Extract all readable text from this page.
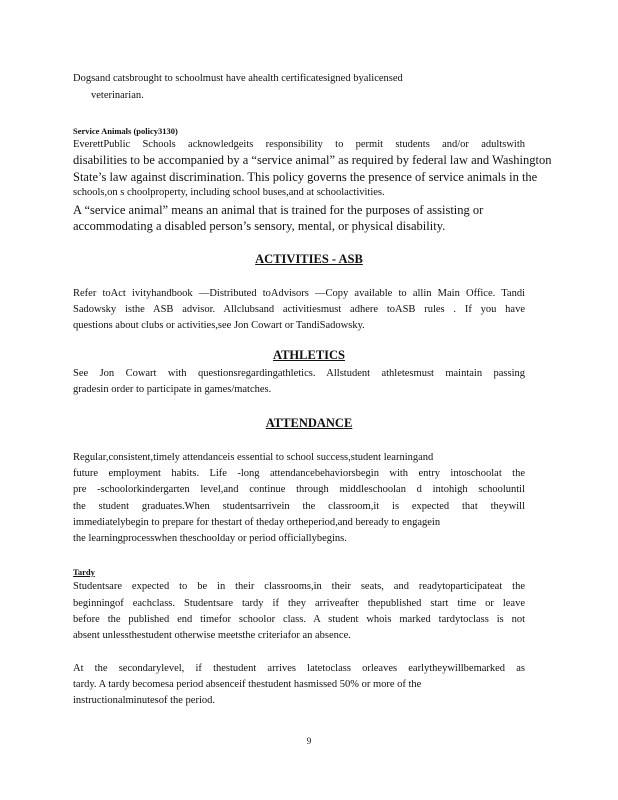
Dogsand catsbrought to schoolmust have ahealth certificatesigned byalicensed
veterinarian.
Service Animals (policy3130)
EverettPublic Schools acknowledgeits responsibility to permit students and/or adultswith
disabilities to be accompanied by a “service animal” as required by federal law and Washington
State’s law against discrimination. This policy governs the presence of service animals in the
schools,on s choolproperty, including school buses,and at schoolactivities.
A “service animal” means an animal that is trained for the purposes of assisting or
accommodating a disabled person’s sensory, mental, or physical disability.
ACTIVITIES - ASB
Refer toAct ivityhandbook —Distributed toAdvisors —Copy available to allin Main Office. Tandi
Sadowsky isthe ASB advisor. Allclubsand activitiesmust adhere toASB rules . If you have
questions about clubs or activities,see Jon Cowart or TandiSadowsky.
ATHLETICS
See Jon Cowart with questionsregardingathletics. Allstudent athletesmust maintain passing
gradesin order to participate in games/matches.
ATTENDANCE
Regular,consistent,timely attendanceis essential to school success,student learningand
future employment habits. Life -long attendancebehaviorsbegin with entry intoschoolat the
pre -schoolorkindergarten level,and continue through middleschoolan d intohigh schooluntil
the student graduates.When studentsarrivein the classroom,it is expected that theywill
immediatelybegin to prepare for thestart of theday ortheperiod,and beready to engagein
the learningprocesswhen theschoolday or period officiallybegins.
Tardy
Studentsare expected to be in their classrooms,in their seats, and readytoparticipateat the
beginningof eachclass. Studentsare tardy if they arriveafter thepublished start time or leave
before the published end timefor schoolor class. A student whois marked tardytoclass is not
absent unlessthestudent otherwise meetsthe criteriafor an absence.
At the secondarylevel, if thestudent arrives latetoclass orleaves earlytheywillbemarked as
tardy. A tardy becomesa period absenceif thestudent hasmissed 50% or more of the
instructionalminutesof the period.
9
